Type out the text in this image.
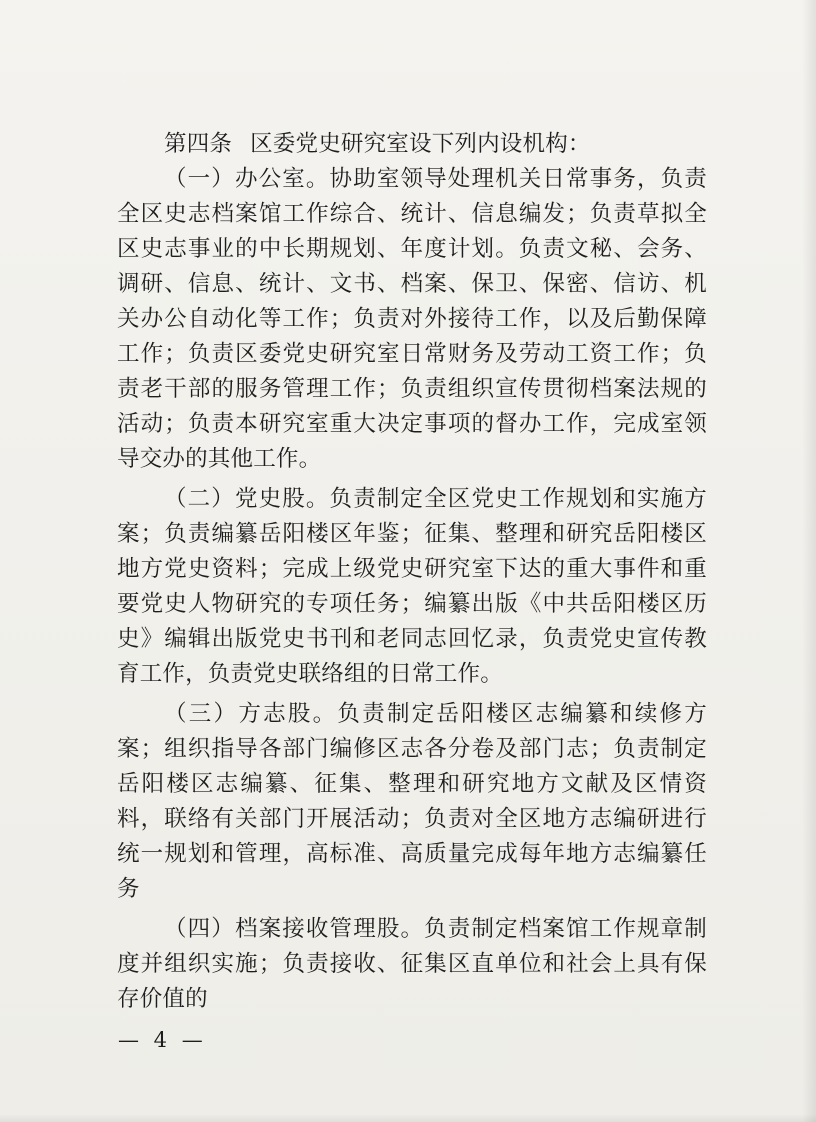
第四条 区委党史研究室设下列内设机构：

（一）办公室。协助室领导处理机关日常事务，负责全区史志档案馆工作综合、统计、信息编发；负责草拟全区史志事业的中长期规划、年度计划。负责文秘、会务、调研、信息、统计、文书、档案、保卫、保密、信访、机关办公自动化等工作；负责对外接待工作，以及后勤保障工作；负责区委党史研究室日常财务及劳动工资工作；负责老干部的服务管理工作；负责组织宣传贯彻档案法规的活动；负责本研究室重大决定事项的督办工作，完成室领导交办的其他工作。

（二）党史股。负责制定全区党史工作规划和实施方案；负责编纂岳阳楼区年鉴；征集、整理和研究岳阳楼区地方党史资料；完成上级党史研究室下达的重大事件和重要党史人物研究的专项任务；编纂出版《中共岳阳楼区历史》编辑出版党史书刊和老同志回忆录，负责党史宣传教育工作，负责党史联络组的日常工作。

（三）方志股。负责制定岳阳楼区志编纂和续修方案；组织指导各部门编修区志各分卷及部门志；负责制定岳阳楼区志编纂、征集、整理和研究地方文献及区情资料，联络有关部门开展活动；负责对全区地方志编研进行统一规划和管理，高标准、高质量完成每年地方志编纂任务

（四）档案接收管理股。负责制定档案馆工作规章制度并组织实施；负责接收、征集区直单位和社会上具有保存价值的

— 4 —
